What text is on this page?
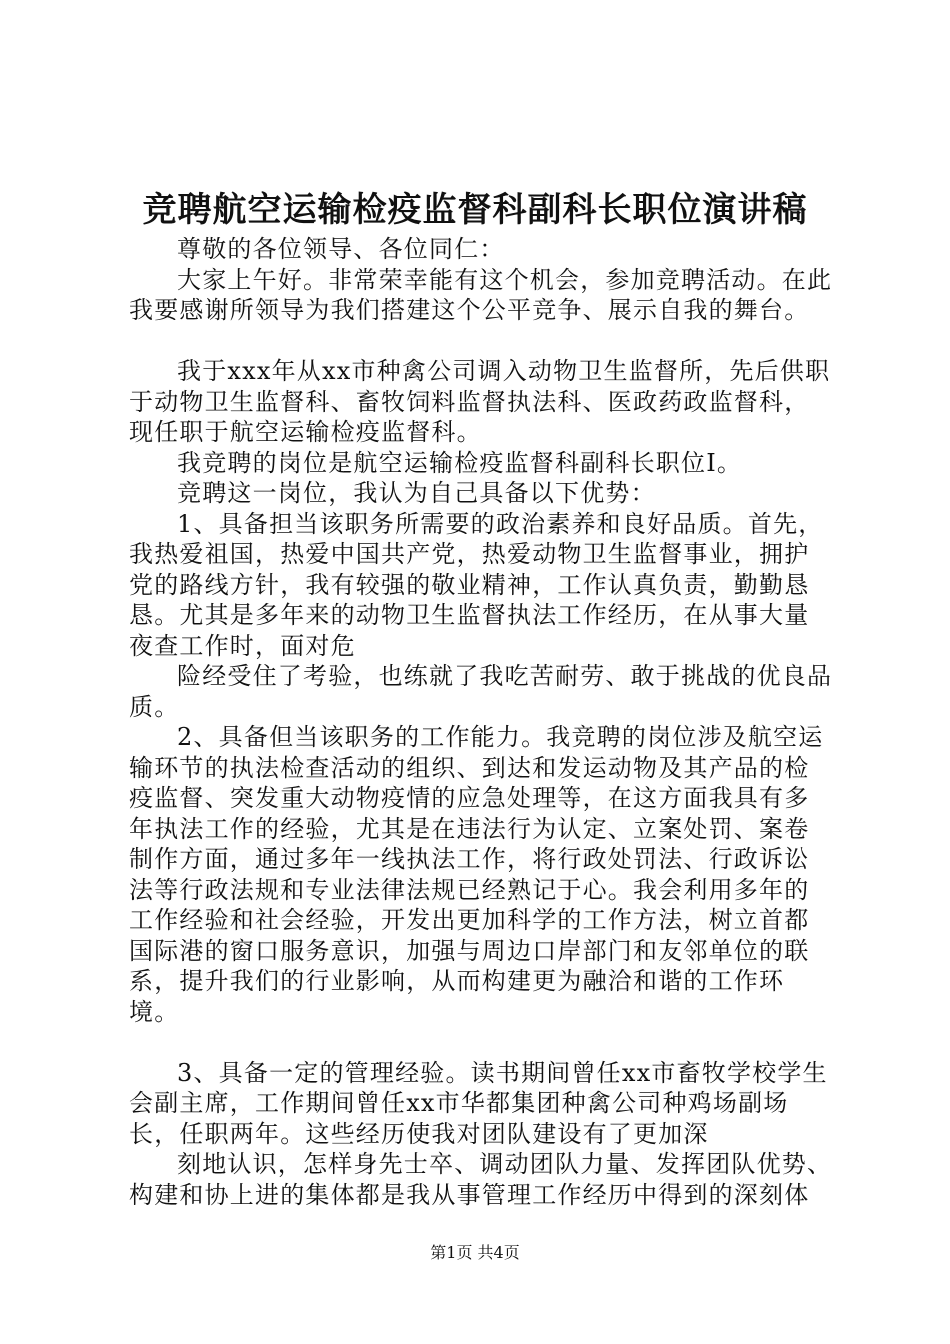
竞聘航空运输检疫监督科副科长职位演讲稿

尊敬的各位领导、各位同仁：

大家上午好。非常荣幸能有这个机会，参加竞聘活动。在此我要感谢所领导为我们搭建这个公平竞争、展示自我的舞台。

我于xxx年从xx市种禽公司调入动物卫生监督所，先后供职于动物卫生监督科、畜牧饲料监督执法科、医政药政监督科，现任职于航空运输检疫监督科。

我竞聘的岗位是航空运输检疫监督科副科长职位Ⅰ。

竞聘这一岗位，我认为自己具备以下优势：

1、具备担当该职务所需要的政治素养和良好品质。首先，我热爱祖国，热爱中国共产党，热爱动物卫生监督事业，拥护党的路线方针，我有较强的敬业精神，工作认真负责，勤勤恳恳。尤其是多年来的动物卫生监督执法工作经历，在从事大量夜查工作时，面对危

险经受住了考验，也练就了我吃苦耐劳、敢于挑战的优良品质。

2、具备但当该职务的工作能力。我竞聘的岗位涉及航空运输环节的执法检查活动的组织、到达和发运动物及其产品的检疫监督、突发重大动物疫情的应急处理等，在这方面我具有多年执法工作的经验，尤其是在违法行为认定、立案处罚、案卷制作方面，通过多年一线执法工作，将行政处罚法、行政诉讼法等行政法规和专业法律法规已经熟记于心。我会利用多年的工作经验和社会经验，开发出更加科学的工作方法，树立首都国际港的窗口服务意识，加强与周边口岸部门和友邻单位的联系，提升我们的行业影响，从而构建更为融洽和谐的工作环境。

3、具备一定的管理经验。读书期间曾任xx市畜牧学校学生会副主席，工作期间曾任xx市华都集团种禽公司种鸡场副场长，任职两年。这些经历使我对团队建设有了更加深

刻地认识，怎样身先士卒、调动团队力量、发挥团队优势、构建和协上进的集体都是我从事管理工作经历中得到的深刻体

第1页 共4页
